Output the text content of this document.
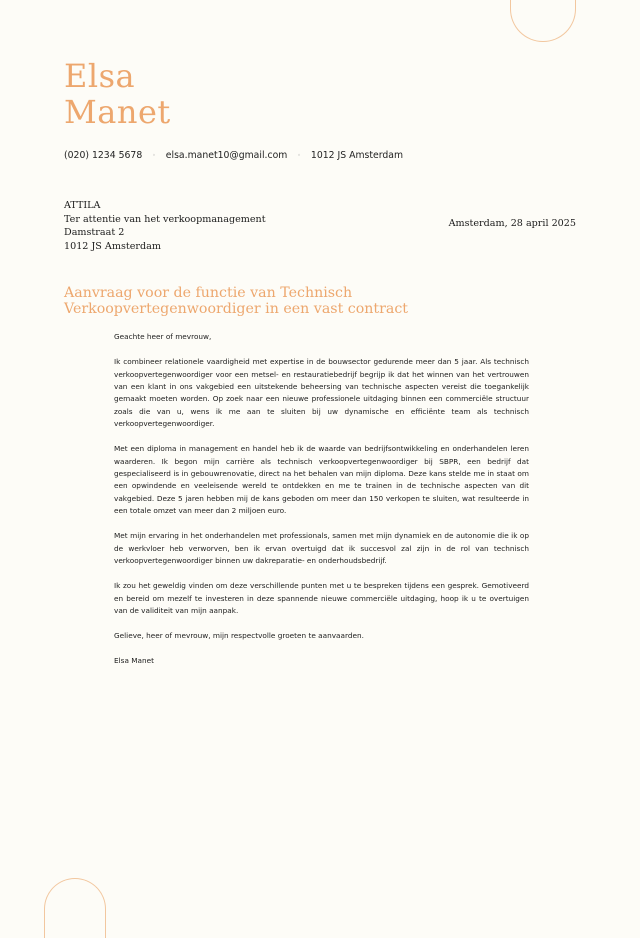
Elsa
Manet
(020) 1234 5678 ◦ elsa.manet10@gmail.com ◦ 1012 JS Amsterdam
ATTILA
Ter attentie van het verkoopmanagement
Damstraat 2
1012 JS Amsterdam
Amsterdam, 28 april 2025
Aanvraag voor de functie van Technisch Verkoopvertegenwoordiger in een vast contract

Geachte heer of mevrouw,

Ik combineer relationele vaardigheid met expertise in de bouwsector gedurende meer dan 5 jaar. Als technisch verkoopvertegenwoordiger voor een metsel- en restauratiebedrijf begrijp ik dat het winnen van het vertrouwen van een klant in ons vakgebied een uitstekende beheersing van technische aspecten vereist die toegankelijk gemaakt moeten worden. Op zoek naar een nieuwe professionele uitdaging binnen een commerciële structuur zoals die van u, wens ik me aan te sluiten bij uw dynamische en efficiënte team als technisch verkoopvertegenwoordiger.

Met een diploma in management en handel heb ik de waarde van bedrijfsontwikkeling en onderhandelen leren waarderen. Ik begon mijn carrière als technisch verkoopvertegenwoordiger bij SBPR, een bedrijf dat gespecialiseerd is in gebouwrenovatie, direct na het behalen van mijn diploma. Deze kans stelde me in staat om een opwindende en veeleisende wereld te ontdekken en me te trainen in de technische aspecten van dit vakgebied. Deze 5 jaren hebben mij de kans geboden om meer dan 150 verkopen te sluiten, wat resulteerde in een totale omzet van meer dan 2 miljoen euro.

Met mijn ervaring in het onderhandelen met professionals, samen met mijn dynamiek en de autonomie die ik op de werkvloer heb verworven, ben ik ervan overtuigd dat ik succesvol zal zijn in de rol van technisch verkoopvertegenwoordiger binnen uw dakreparatie- en onderhoudsbedrijf.

Ik zou het geweldig vinden om deze verschillende punten met u te bespreken tijdens een gesprek. Gemotiveerd en bereid om mezelf te investeren in deze spannende nieuwe commerciële uitdaging, hoop ik u te overtuigen van de validiteit van mijn aanpak.

Gelieve, heer of mevrouw, mijn respectvolle groeten te aanvaarden.

Elsa Manet
